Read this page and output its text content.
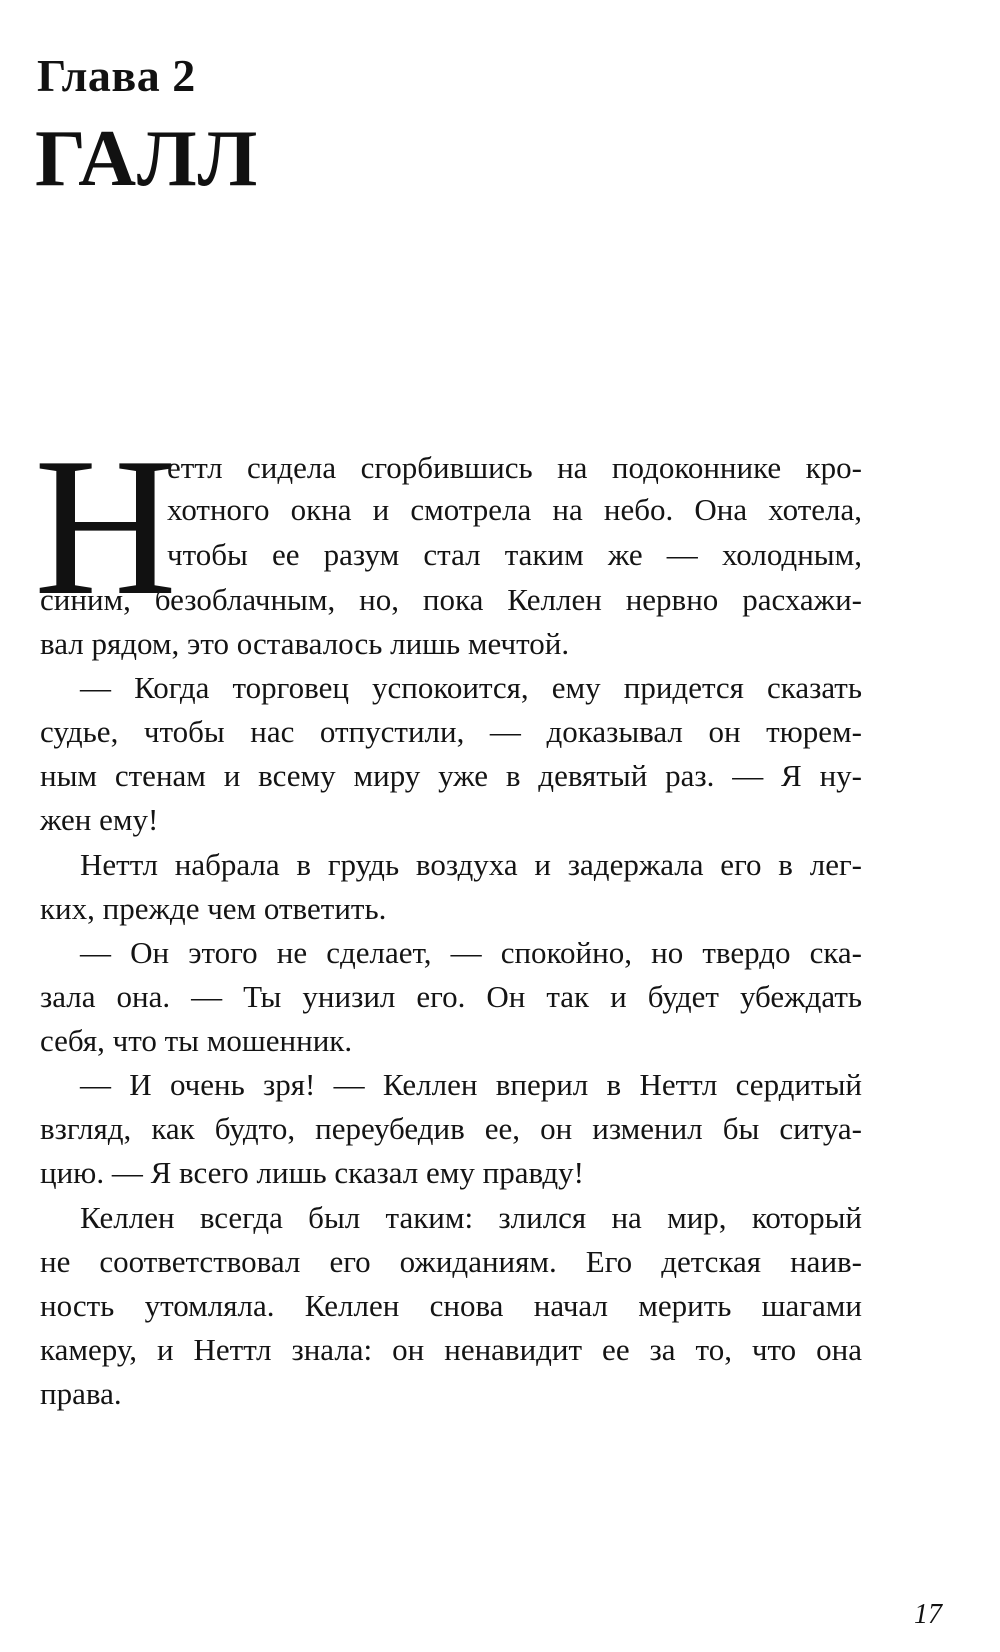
Глава 2
ГАЛЛ
Н
еттл сидела сгорбившись на подоконнике кро-
хотного окна и смотрела на небо. Она хотела,
чтобы ее разум стал таким же — холодным,
синим, безоблачным, но, пока Келлен нервно расхажи-
вал рядом, это оставалось лишь мечтой.
— Когда торговец успокоится, ему придется сказать
судье, чтобы нас отпустили, — доказывал он тюрем-
ным стенам и всему миру уже в девятый раз. — Я ну-
жен ему!
Неттл набрала в грудь воздуха и задержала его в лег-
ких, прежде чем ответить.
— Он этого не сделает, — спокойно, но твердо ска-
зала она. — Ты унизил его. Он так и будет убеждать
себя, что ты мошенник.
— И очень зря! — Келлен вперил в Неттл сердитый
взгляд, как будто, переубедив ее, он изменил бы ситуа-
цию. — Я всего лишь сказал ему правду!
Келлен всегда был таким: злился на мир, который
не соответствовал его ожиданиям. Его детская наив-
ность утомляла. Келлен снова начал мерить шагами
камеру, и Неттл знала: он ненавидит ее за то, что она
права.
17
